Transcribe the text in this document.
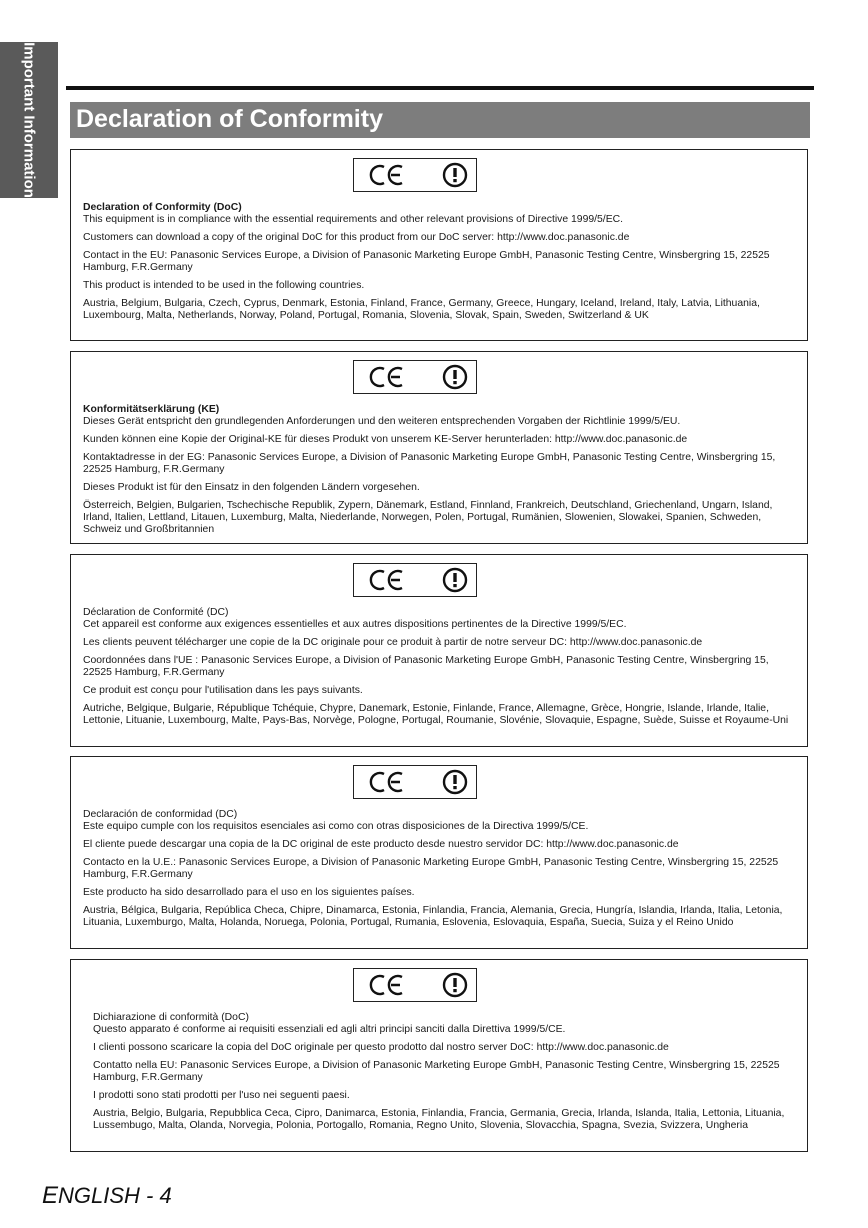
Important Information Declaration of Conformity
Declaration of Conformity (DoC)

This equipment is in compliance with the essential requirements and other relevant provisions of Directive 1999/5/EC.

Customers can download a copy of the original DoC for this product from our DoC server: http://www.doc.panasonic.de

Contact in the EU: Panasonic Services Europe, a Division of Panasonic Marketing Europe GmbH, Panasonic Testing Centre, Winsbergring 15, 22525 Hamburg, F.R.Germany

This product is intended to be used in the following countries.

Austria, Belgium, Bulgaria, Czech, Cyprus, Denmark, Estonia, Finland, France, Germany, Greece, Hungary, Iceland, Ireland, Italy, Latvia, Lithuania, Luxembourg, Malta, Netherlands, Norway, Poland, Portugal, Romania, Slovenia, Slovak, Spain, Sweden, Switzerland & UK

Konformitätserklärung (KE)

Dieses Gerät entspricht den grundlegenden Anforderungen und den weiteren entsprechenden Vorgaben der Richtlinie 1999/5/EU.

Kunden können eine Kopie der Original-KE für dieses Produkt von unserem KE-Server herunterladen: http://www.doc.panasonic.de

Kontaktadresse in der EG: Panasonic Services Europe, a Division of Panasonic Marketing Europe GmbH, Panasonic Testing Centre, Winsbergring 15, 22525 Hamburg, F.R.Germany

Dieses Produkt ist für den Einsatz in den folgenden Ländern vorgesehen.

Österreich, Belgien, Bulgarien, Tschechische Republik, Zypern, Dänemark, Estland, Finnland, Frankreich, Deutschland, Griechenland, Ungarn, Island, Irland, Italien, Lettland, Litauen, Luxemburg, Malta, Niederlande, Norwegen, Polen, Portugal, Rumänien, Slowenien, Slowakei, Spanien, Schweden, Schweiz und Großbritannien

Déclaration de Conformité (DC)

Cet appareil est conforme aux exigences essentielles et aux autres dispositions pertinentes de la Directive 1999/5/EC.

Les clients peuvent télécharger une copie de la DC originale pour ce produit à partir de notre serveur DC: http://www.doc.panasonic.de

Coordonnées dans l'UE : Panasonic Services Europe, a Division of Panasonic Marketing Europe GmbH, Panasonic Testing Centre, Winsbergring 15, 22525 Hamburg, F.R.Germany

Ce produit est conçu pour l'utilisation dans les pays suivants.

Autriche, Belgique, Bulgarie, République Tchéquie, Chypre, Danemark, Estonie, Finlande, France, Allemagne, Grèce, Hongrie, Islande, Irlande, Italie, Lettonie, Lituanie, Luxembourg, Malte, Pays-Bas, Norvège, Pologne, Portugal, Roumanie, Slovénie, Slovaquie, Espagne, Suède, Suisse et Royaume-Uni

Declaración de conformidad (DC)

Este equipo cumple con los requisitos esenciales asi como con otras disposiciones de la Directiva 1999/5/CE.

El cliente puede descargar una copia de la DC original de este producto desde nuestro servidor DC: http://www.doc.panasonic.de

Contacto en la U.E.: Panasonic Services Europe, a Division of Panasonic Marketing Europe GmbH, Panasonic Testing Centre, Winsbergring 15, 22525 Hamburg, F.R.Germany

Este producto ha sido desarrollado para el uso en los siguientes países.

Austria, Bélgica, Bulgaria, República Checa, Chipre, Dinamarca, Estonia, Finlandia, Francia, Alemania, Grecia, Hungría, Islandia, Irlanda, Italia, Letonia, Lituania, Luxemburgo, Malta, Holanda, Noruega, Polonia, Portugal, Rumania, Eslovenia, Eslovaquia, España, Suecia, Suiza y el Reino Unido

Dichiarazione di conformità (DoC)

Questo apparato é conforme ai requisiti essenziali ed agli altri principi sanciti dalla Direttiva 1999/5/CE.

I clienti possono scaricare la copia del DoC originale per questo prodotto dal nostro server DoC: http://www.doc.panasonic.de

Contatto nella EU: Panasonic Services Europe, a Division of Panasonic Marketing Europe GmbH, Panasonic Testing Centre, Winsbergring 15, 22525 Hamburg, F.R.Germany

I prodotti sono stati prodotti per l'uso nei seguenti paesi.

Austria, Belgio, Bulgaria, Repubblica Ceca, Cipro, Danimarca, Estonia, Finlandia, Francia, Germania, Grecia, Irlanda, Islanda, Italia, Lettonia, Lituania, Lussembugo, Malta, Olanda, Norvegia, Polonia, Portogallo, Romania, Regno Unito, Slovenia, Slovacchia, Spagna, Svezia, Svizzera, Ungheria

ENGLISH - 4
